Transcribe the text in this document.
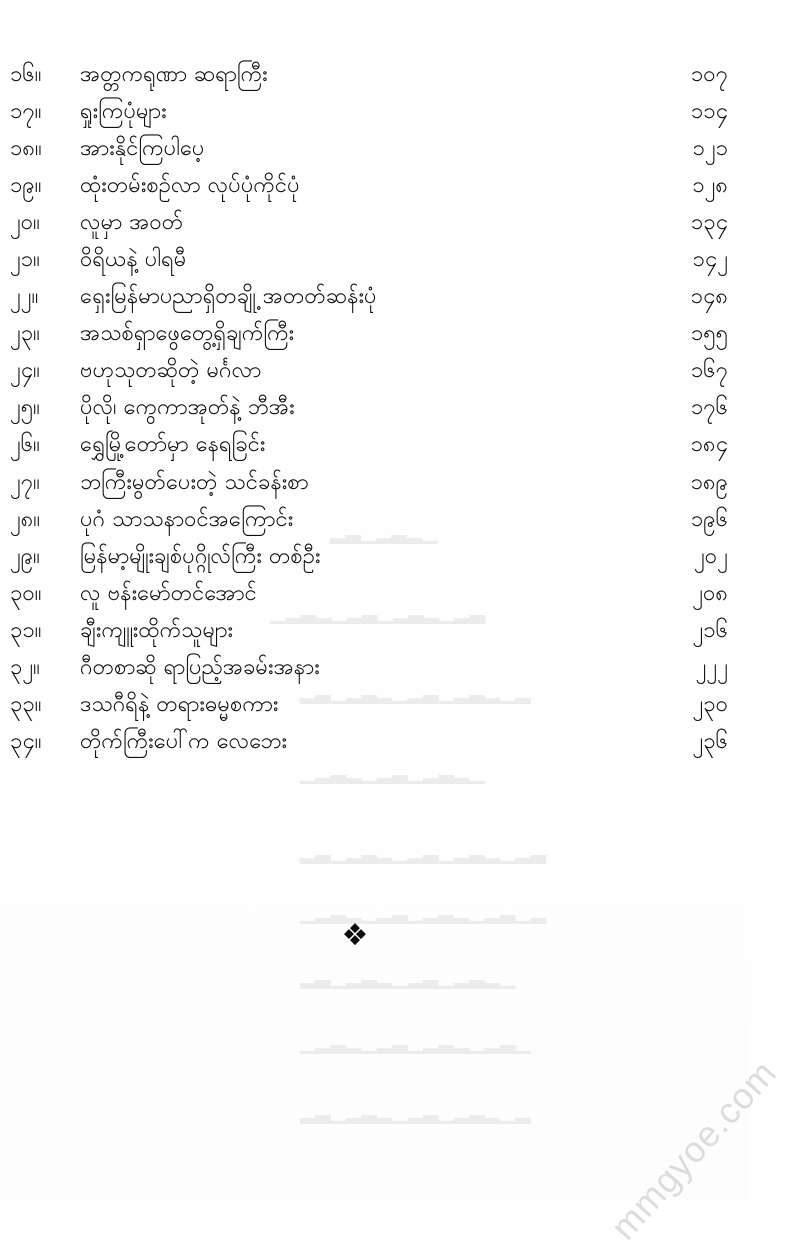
▂▃▁▂▃▂▁
▁▂▃▂▁▂▃▁▂▃▂▁▂▃
▂▃▁▂▃▂▁▂▃▁▂▃▂▁▂
▁▂▃▂▁▂▃▁▂▃▂▁
▂▃▁▂▃▂▁▂▃▁▂▃▂▁▂▃
▁▂▃▂▁▂▃▁▂▃▂▁▂▃▁▂
▂▃▁▂▃▂▁▂▃▁▂▃▂▁
▁▂▃▂▁▂▃▁▂▃▂▁▂▃▁
▂▃▁▂▃▂▁▂▃▁▂▃▂▁▂
၁၆။	အတ္တကရုဏာ ဆရာကြီး	၁၀၇
၁၇။	ရှုးကြပုံများ	၁၁၄
၁၈။	အားနိုင်ကြပါပေ့	၁၂၁
၁၉။	ထုံးတမ်းစဉ်လာ လုပ်ပုံကိုင်ပုံ	၁၂၈
၂၀။	လူမှာ အဝတ်	၁၃၄
၂၁။	ဝိရိယနဲ့ ပါရမီ	၁၄၂
၂၂။	ရှေးမြန်မာပညာရှိတချို့ အတတ်ဆန်းပုံ	၁၄၈
၂၃။	အသစ်ရှာဖွေတွေ့ရှိချက်ကြီး	၁၅၅
၂၄။	ဗဟုသုတဆိုတဲ့ မင်္ဂလာ	၁၆၇
၂၅။	ပိုလို၊ ကွေကာအုတ်နဲ့ ဘီအီး	၁၇၆
၂၆။	ရွှေမြို့တော်မှာ နေရခြင်း	၁၈၄
၂၇။	ဘကြီးမွတ်ပေးတဲ့ သင်ခန်းစာ	၁၈၉
၂၈။	ပုဂံ သာသနာဝင်အကြောင်း	၁၉၆
၂၉။	မြန်မာ့မျိုးချစ်ပုဂ္ဂိုလ်ကြီး တစ်ဦး	၂၀၂
၃၀။	လူ ဗန်းမော်တင်အောင်	၂၀၈
၃၁။	ချီးကျူးထိုက်သူများ	၂၁၆
၃၂။	ဂီတစာဆို ရာပြည့်အခမ်းအနား	၂၂၂
၃၃။	ဒသဂီရိနဲ့ တရားဓမ္မစကား	၂၃၀
၃၄။	တိုက်ကြီးပေါ်က လေဘေး	၂၃၆
❖
mmgyoe.com
